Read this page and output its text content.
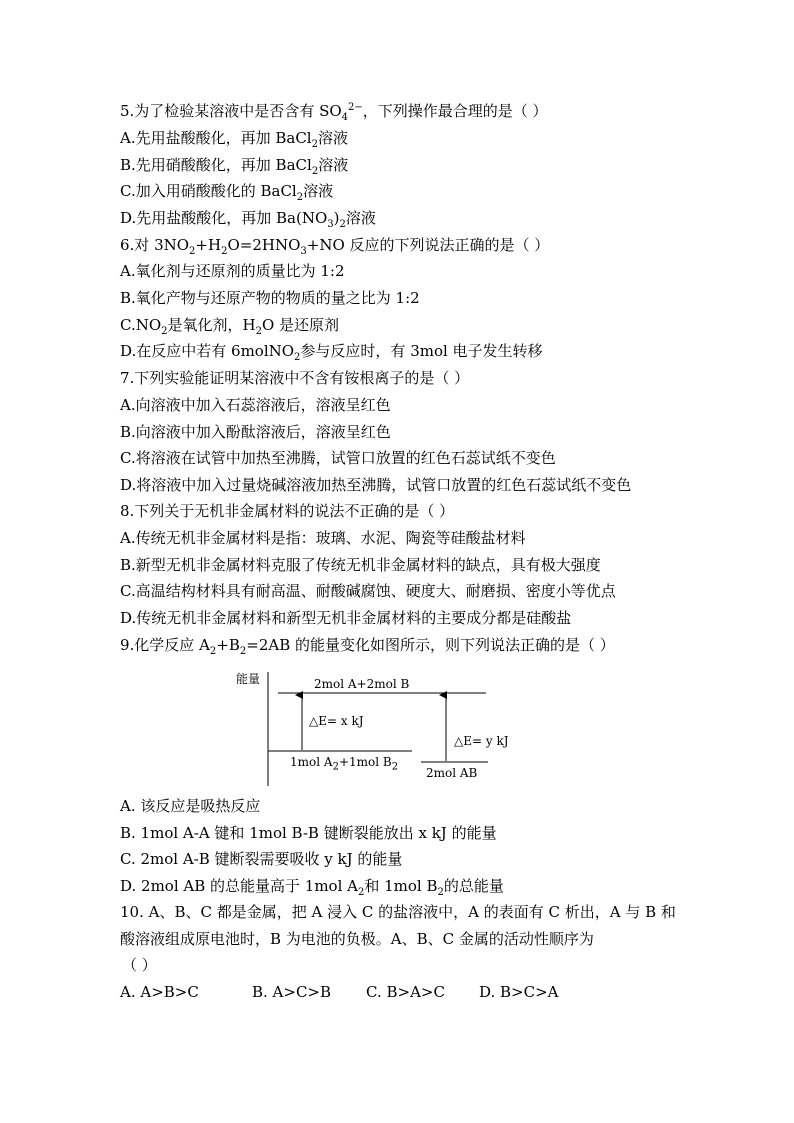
5.为了检验某溶液中是否含有 $SO_4^{2-}$，下列操作最合理的是（ ）
A.先用盐酸酸化，再加 BaCl$_2$溶液
B.先用硝酸酸化，再加 BaCl$_2$溶液
C.加入用硝酸酸化的 BaCl$_2$溶液
D.先用盐酸酸化，再加 $Ba(NO_3)_2$溶液
6.对 $3NO_2+H_2O=2HNO_3+NO$ 反应的下列说法正确的是（ ）
A.氧化剂与还原剂的质量比为 1:2
B.氧化产物与还原产物的物质的量之比为 1:2
$C.NO_2$是氧化剂，$H_2O$ 是还原剂
D.在反应中若有 6molNO$_2$参与反应时，有 3mol 电子发生转移
7.下列实验能证明某溶液中不含有铵根离子的是（ ）
A.向溶液中加入石蕊溶液后，溶液呈红色
B.向溶液中加入酚酞溶液后，溶液呈红色
C.将溶液在试管中加热至沸腾，试管口放置的红色石蕊试纸不变色
D.将溶液中加入过量烧碱溶液加热至沸腾，试管口放置的红色石蕊试纸不变色
8.下列关于无机非金属材料的说法不正确的是（ ）
A.传统无机非金属材料是指：玻璃、水泥、陶瓷等硅酸盐材料
B.新型无机非金属材料克服了传统无机非金属材料的缺点，具有极大强度
C.高温结构材料具有耐高温、耐酸碱腐蚀、硬度大、耐磨损、密度小等优点
D.传统无机非金属材料和新型无机非金属材料的主要成分都是硅酸盐
9.化学反应 $A_2+B_2=2AB$ 的能量变化如图所示，则下列说法正确的是（ ）
能量	2mol A+2mol B
△E= x kJ
△E= y kJ
1mol $A_2+1mol$ $B_2$ 2mol AB
A. 该反应是吸热反应
B. 1mol A-A 键和 1mol B-B 键断裂能放出 x kJ 的能量
C. 2mol A-B 键断裂需要吸收 y kJ 的能量
D. 2mol AB 的总能量高于 1mol $A_2$和 1mol $B_2$的总能量
10. A、B、C 都是金属，把 A 浸入 C 的盐溶液中，A 的表面有 C 析出，A 与 B 和
酸溶液组成原电池时，B 为电池的负极。A、B、C 金属的活动性顺序为
（ ）
A. A>B>C	B. A>C>B C. B>A>C D. B>C>A
